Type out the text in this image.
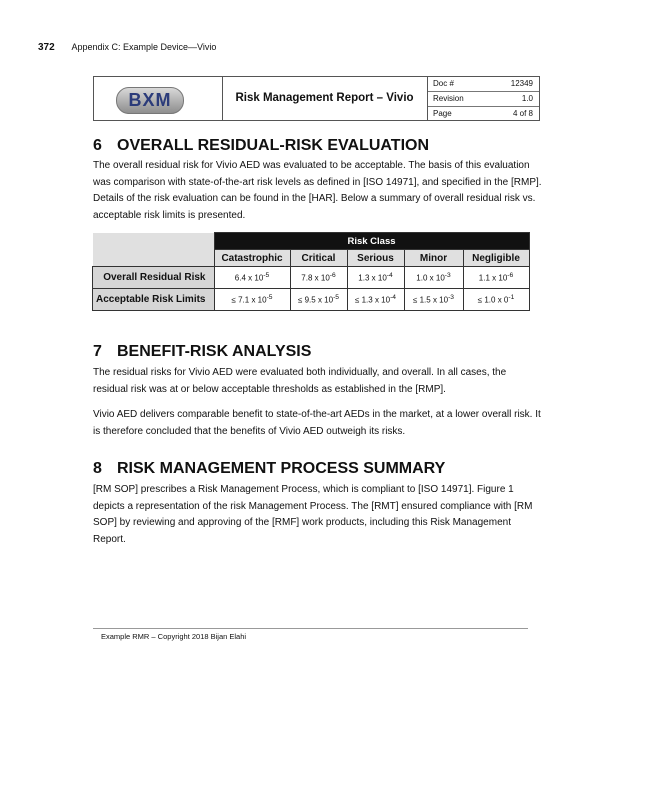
372 Appendix C: Example Device—Vivio
BXM	Risk Management Report – Vivio
Doc #	12349
Revision	1.0
Page	4 of 8
6 OVERALL RESIDUAL-RISK EVALUATION

The overall residual risk for Vivio AED was evaluated to be acceptable. The basis of this evaluation was comparison with state-of-the-art risk levels as defined in [ISO 14971], and specified in the [RMP]. Details of the risk evaluation can be found in the [HAR]. Below a summary of overall residual risk vs. acceptable risk limits is presented.

	Risk Class				
	Catastrophic	Critical	Serious	Minor	Negligible
Overall Residual Risk	6.4 x $10^{-5}$	7.8 x $10^{-6}$	1.3 x $10^{-4}$	1.0 x $10^{-3}$	1.1 x $10^{-6}$
Acceptable Risk Limits	≤ 7.1 x $10^{-5}$	≤ 9.5 x $10^{-5}$	≤ 1.3 x $10^{-4}$	≤ 1.5 x $10^{-3}$	≤ 1.0 x $0^{-1}$
7 BENEFIT-RISK ANALYSIS

The residual risks for Vivio AED were evaluated both individually, and overall. In all cases, the residual risk was at or below acceptable thresholds as established in the [RMP].

Vivio AED delivers comparable benefit to state-of-the-art AEDs in the market, at a lower overall risk. It is therefore concluded that the benefits of Vivio AED outweigh its risks.

8 RISK MANAGEMENT PROCESS SUMMARY

[RM SOP] prescribes a Risk Management Process, which is compliant to [ISO 14971]. Figure 1 depicts a representation of the risk Management Process. The [RMT] ensured compliance with [RM SOP] by reviewing and approving of the [RMF] work products, including this Risk Management Report.

Example RMR – Copyright 2018 Bijan Elahi
